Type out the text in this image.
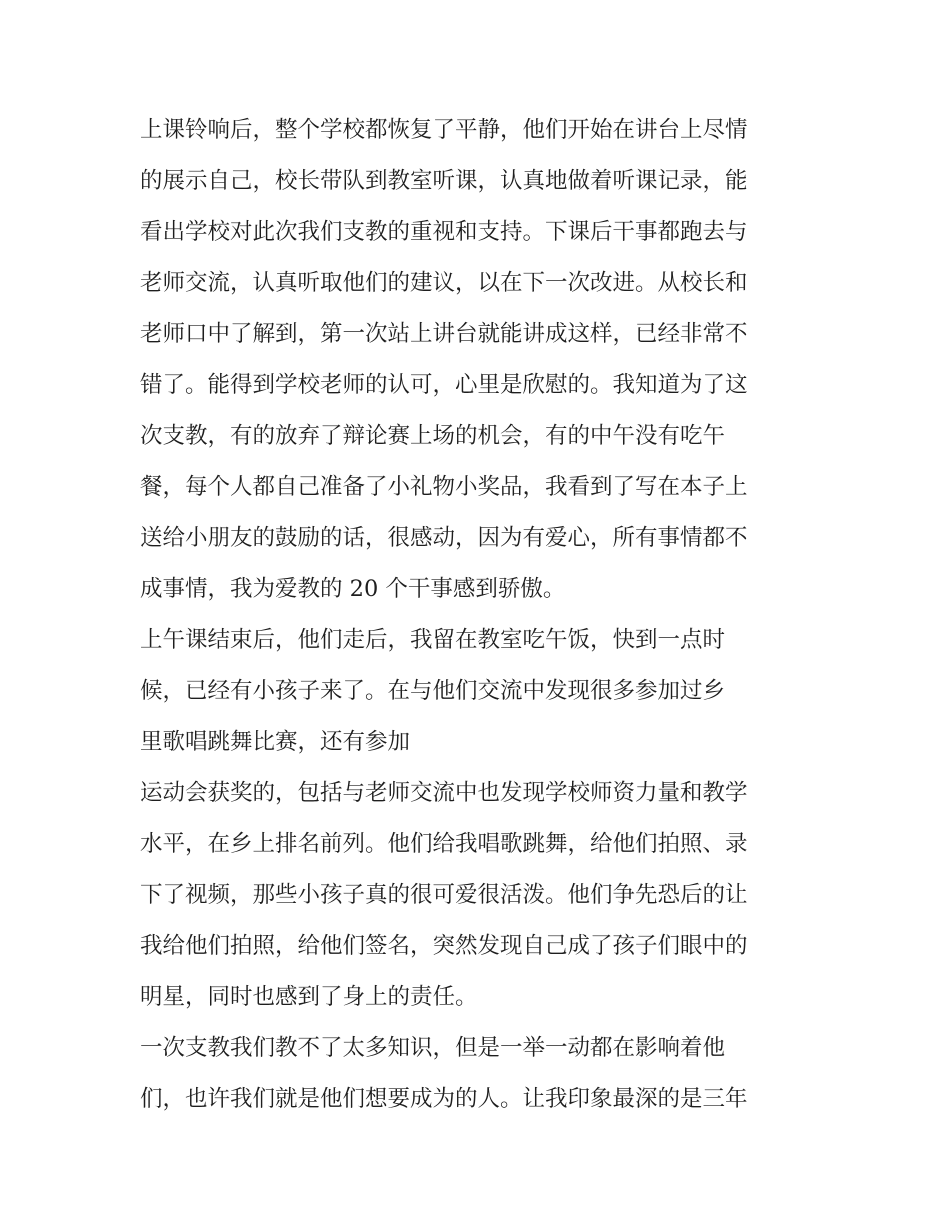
上课铃响后，整个学校都恢复了平静，他们开始在讲台上尽情
的展示自己，校长带队到教室听课，认真地做着听课记录，能
看出学校对此次我们支教的重视和支持。下课后干事都跑去与
老师交流，认真听取他们的建议，以在下一次改进。从校长和
老师口中了解到，第一次站上讲台就能讲成这样，已经非常不
错了。能得到学校老师的认可，心里是欣慰的。我知道为了这
次支教，有的放弃了辩论赛上场的机会，有的中午没有吃午
餐，每个人都自己准备了小礼物小奖品，我看到了写在本子上
送给小朋友的鼓励的话，很感动，因为有爱心，所有事情都不
成事情，我为爱教的 20 个干事感到骄傲。
上午课结束后，他们走后，我留在教室吃午饭，快到一点时
候，已经有小孩子来了。在与他们交流中发现很多参加过乡
里歌唱跳舞比赛，还有参加
运动会获奖的，包括与老师交流中也发现学校师资力量和教学
水平，在乡上排名前列。他们给我唱歌跳舞，给他们拍照、录
下了视频，那些小孩子真的很可爱很活泼。他们争先恐后的让
我给他们拍照，给他们签名，突然发现自己成了孩子们眼中的
明星，同时也感到了身上的责任。
一次支教我们教不了太多知识，但是一举一动都在影响着他
们，也许我们就是他们想要成为的人。让我印象最深的是三年
